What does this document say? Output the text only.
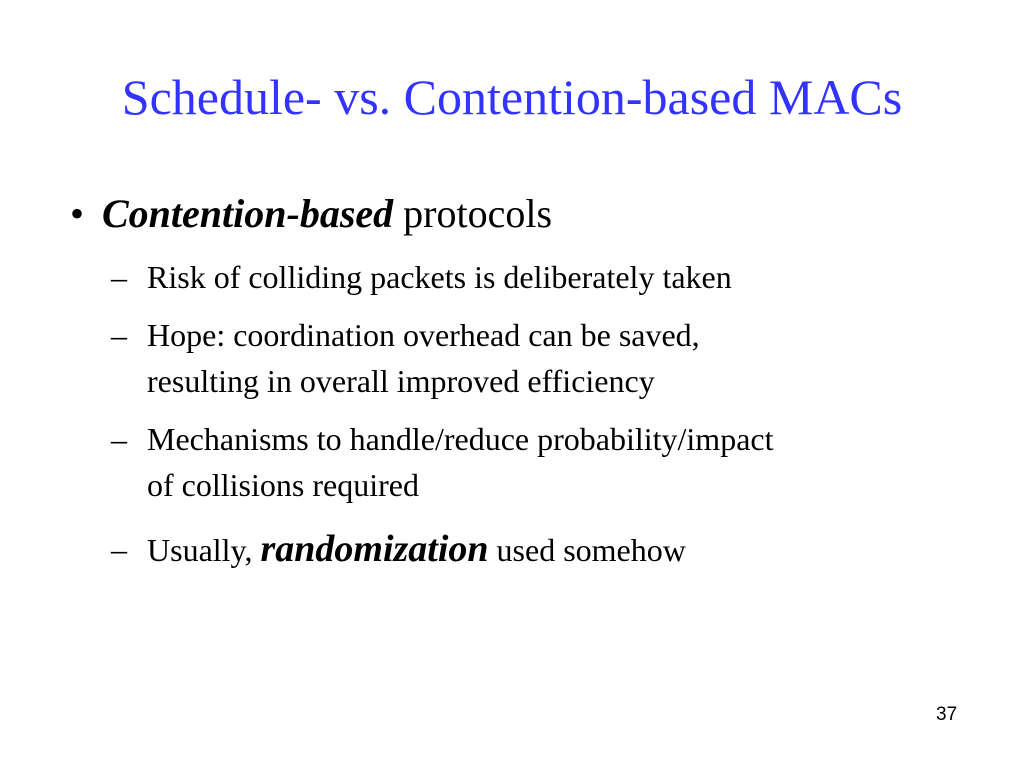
Schedule- vs. Contention-based MACs
• Contention-based protocols
– Risk of colliding packets is deliberately taken
– Hope: coordination overhead can be saved,
resulting in overall improved efficiency
– Mechanisms to handle/reduce probability/impact
of collisions required
– Usually, randomization used somehow
37
